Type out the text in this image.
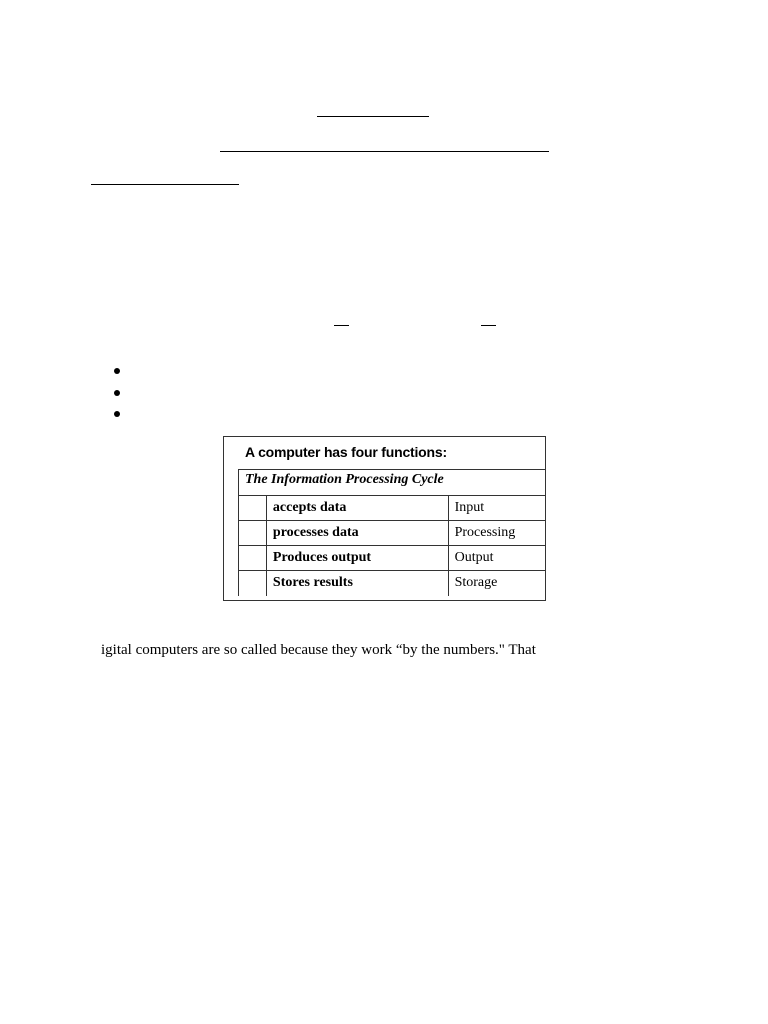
A computer has four functions:
The Information Processing Cycle
	accepts data	Input
	processes data	Processing
	Produces output	Output
	Stores results	Storage
igital computers are so called because they work “by the numbers." That
